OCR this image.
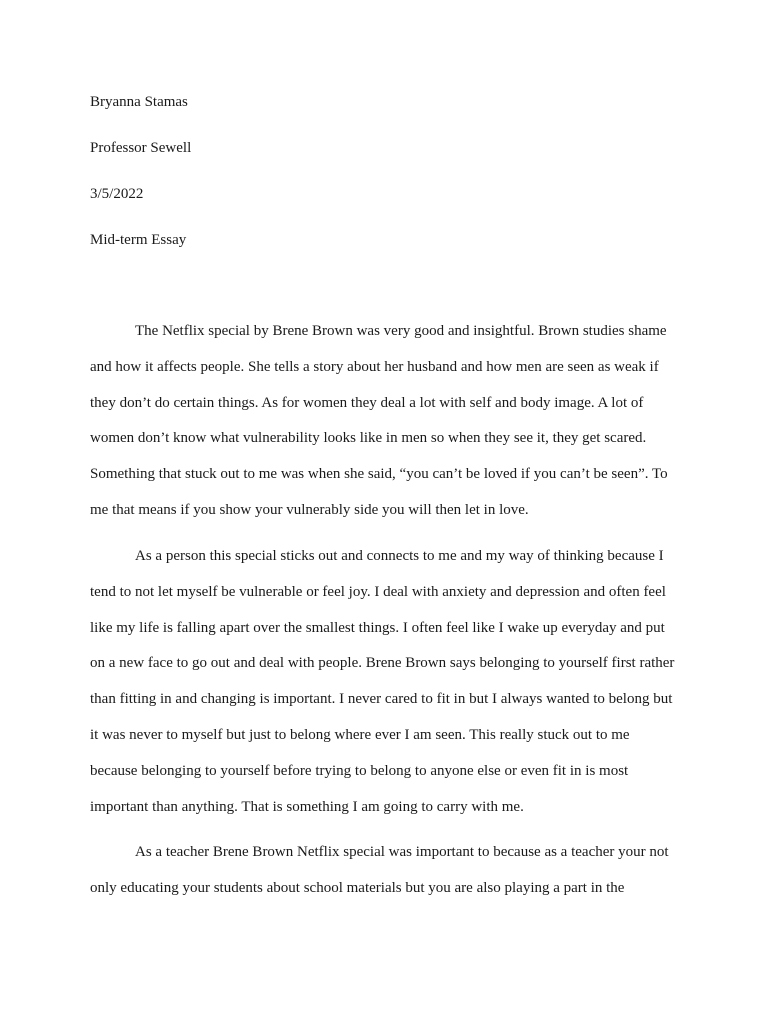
Bryanna Stamas

Professor Sewell

3/5/2022

Mid-term Essay

The Netflix special by Brene Brown was very good and insightful. Brown studies shame
and how it affects people. She tells a story about her husband and how men are seen as weak if
they don’t do certain things. As for women they deal a lot with self and body image. A lot of
women don’t know what vulnerability looks like in men so when they see it, they get scared.
Something that stuck out to me was when she said, “you can’t be loved if you can’t be seen”. To
me that means if you show your vulnerably side you will then let in love.

As a person this special sticks out and connects to me and my way of thinking because I
tend to not let myself be vulnerable or feel joy. I deal with anxiety and depression and often feel
like my life is falling apart over the smallest things. I often feel like I wake up everyday and put
on a new face to go out and deal with people. Brene Brown says belonging to yourself first rather
than fitting in and changing is important. I never cared to fit in but I always wanted to belong but
it was never to myself but just to belong where ever I am seen. This really stuck out to me
because belonging to yourself before trying to belong to anyone else or even fit in is most
important than anything. That is something I am going to carry with me.

As a teacher Brene Brown Netflix special was important to because as a teacher your not
only educating your students about school materials but you are also playing a part in the
